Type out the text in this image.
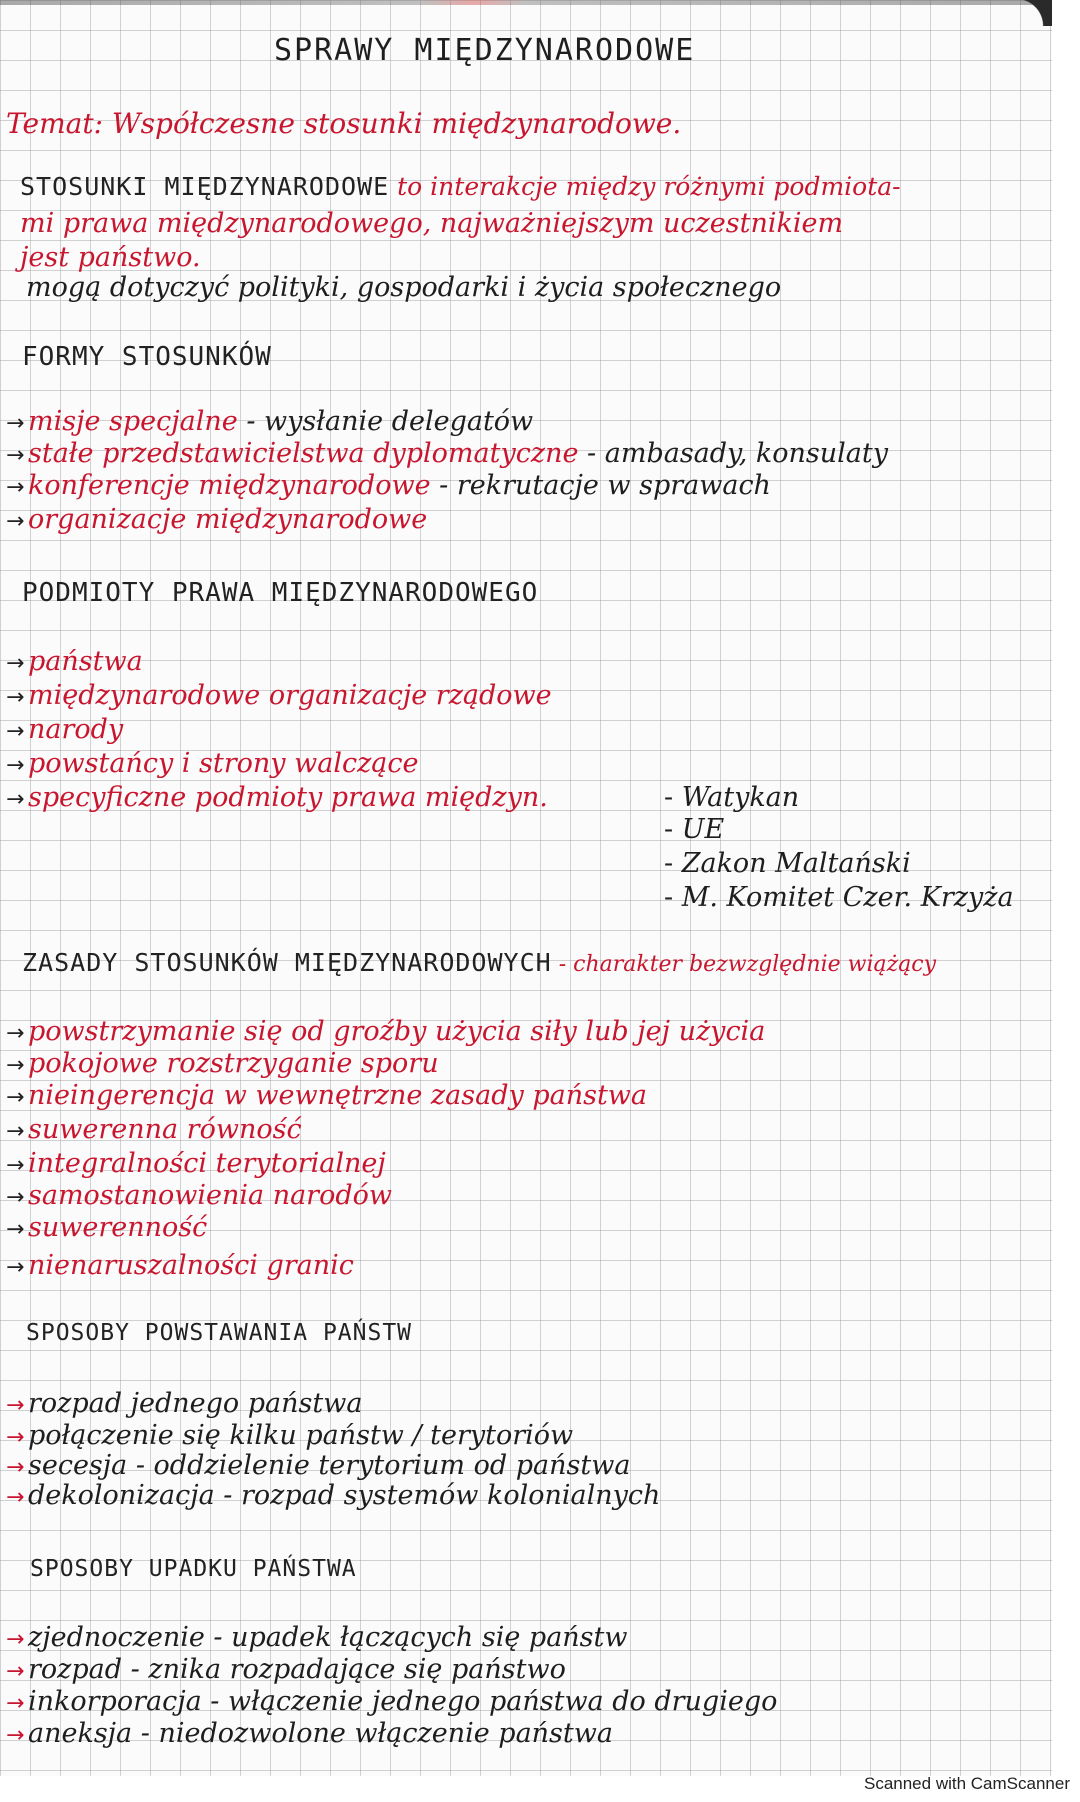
SPRAWY MIĘDZYNARODOWE
Temat: Współczesne stosunki międzynarodowe.
STOSUNKI MIĘDZYNARODOWE to interakcje między różnymi podmiota-
mi prawa międzynarodowego, najważniejszym uczestnikiem
jest państwo.
mogą dotyczyć polityki, gospodarki i życia społecznego
FORMY STOSUNKÓW
→ misje specjalne - wysłanie delegatów
→ stałe przedstawicielstwa dyplomatyczne - ambasady, konsulaty
→ konferencje międzynarodowe - rekrutacje w sprawach
→ organizacje międzynarodowe
PODMIOTY PRAWA MIĘDZYNARODOWEGO
→ państwa
→ międzynarodowe organizacje rządowe
→ narody
→ powstańcy i strony walczące
→ specyficzne podmioty prawa międzyn.	- Watykan
- UE
- Zakon Maltański
- M. Komitet Czer. Krzyża
ZASADY STOSUNKÓW MIĘDZYNARODOWYCH - charakter bezwzględnie wiążący
→ powstrzymanie się od groźby użycia siły lub jej użycia
→ pokojowe rozstrzyganie sporu
→ nieingerencja w wewnętrzne zasady państwa
→ suwerenna równość
→ integralności terytorialnej
→ samostanowienia narodów
→ suwerenność
→ nienaruszalności granic
SPOSOBY POWSTAWANIA PAŃSTW
→ rozpad jednego państwa
→ połączenie się kilku państw / terytoriów
→ secesja - oddzielenie terytorium od państwa
→ dekolonizacja - rozpad systemów kolonialnych
SPOSOBY UPADKU PAŃSTWA
→ zjednoczenie - upadek łączących się państw
→ rozpad - znika rozpadające się państwo
→ inkorporacja - włączenie jednego państwa do drugiego
→ aneksja - niedozwolone włączenie państwa
Scanned with CamScanner
